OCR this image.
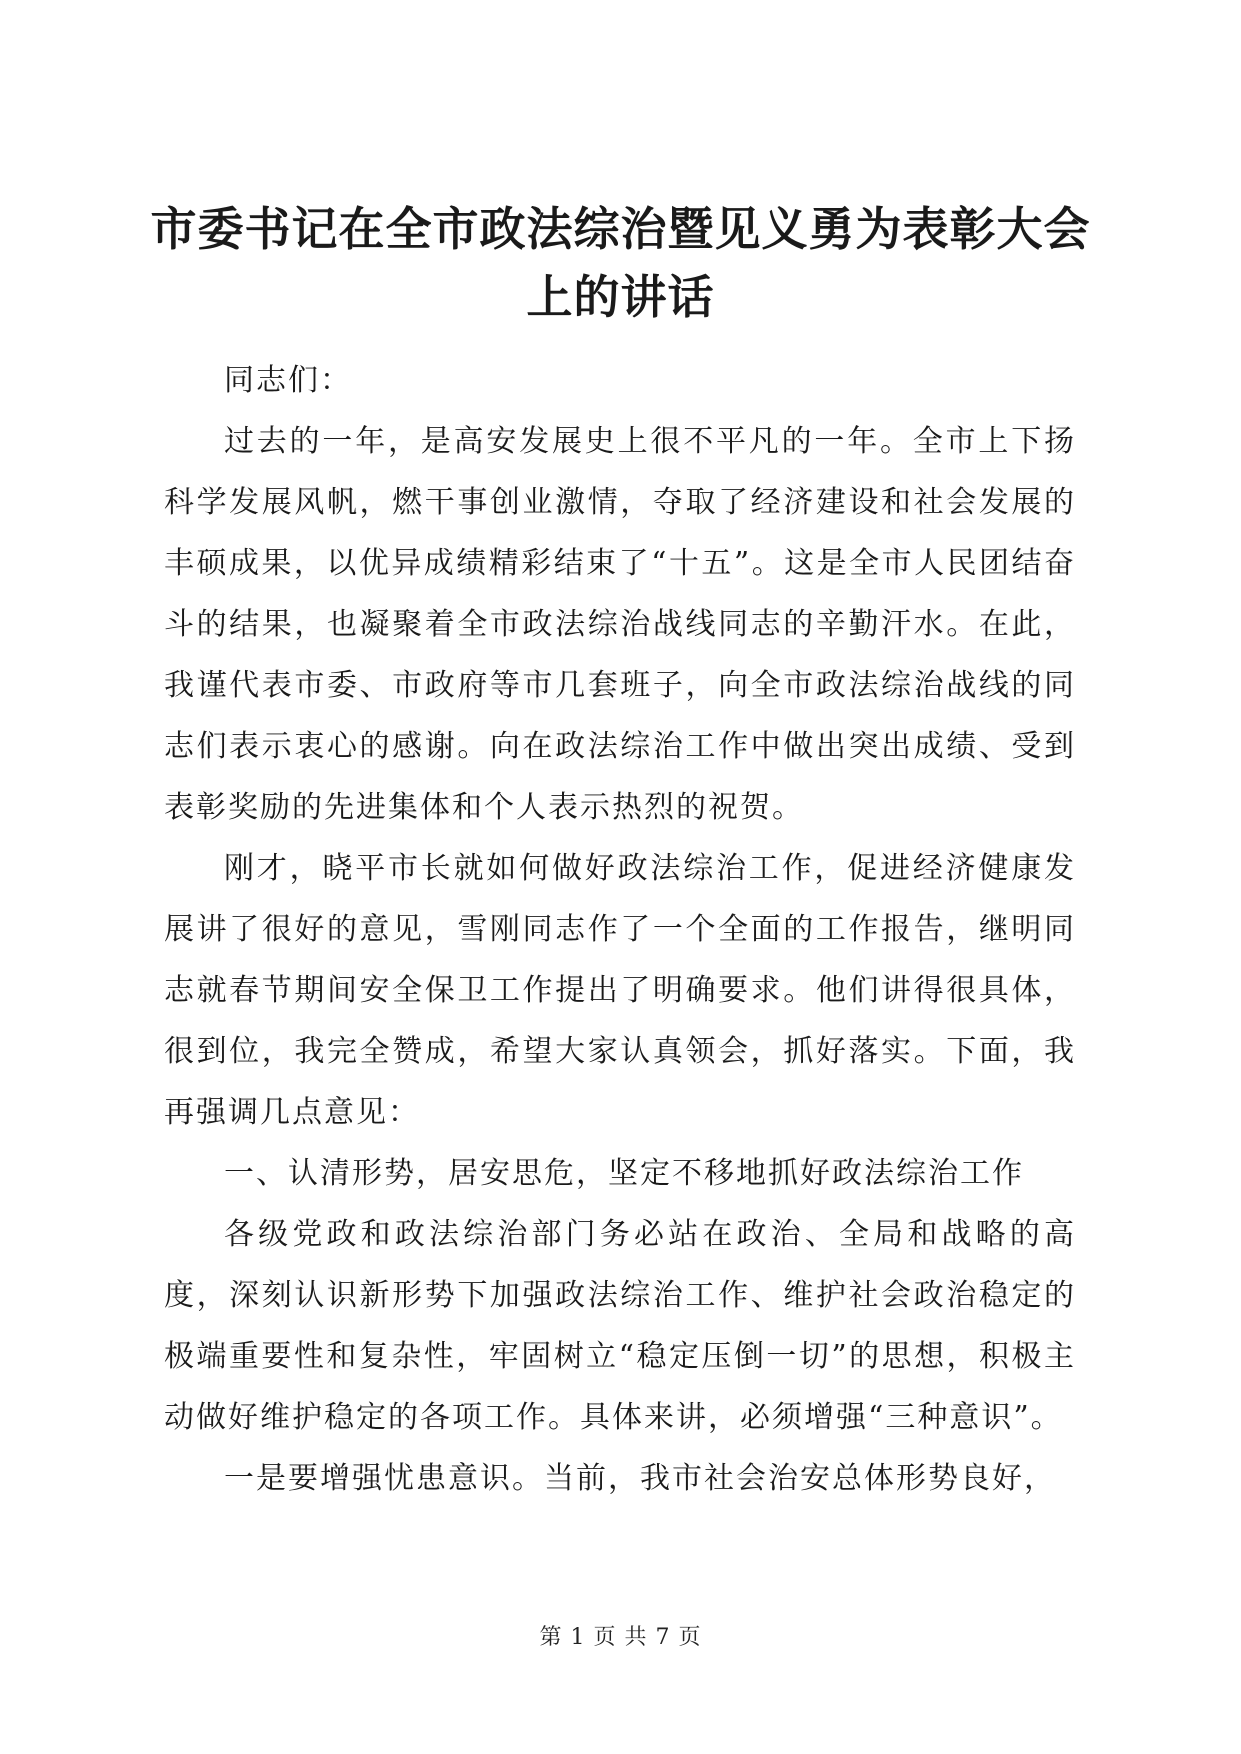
市委书记在全市政法综治暨见义勇为表彰大会
上的讲话

同志们：

过去的一年，是高安发展史上很不平凡的一年。全市上下扬科学发展风帆，燃干事创业激情，夺取了经济建设和社会发展的丰硕成果，以优异成绩精彩结束了“十五”。这是全市人民团结奋斗的结果，也凝聚着全市政法综治战线同志的辛勤汗水。在此，我谨代表市委、市政府等市几套班子，向全市政法综治战线的同志们表示衷心的感谢。向在政法综治工作中做出突出成绩、受到表彰奖励的先进集体和个人表示热烈的祝贺。

刚才，晓平市长就如何做好政法综治工作，促进经济健康发展讲了很好的意见，雪刚同志作了一个全面的工作报告，继明同志就春节期间安全保卫工作提出了明确要求。他们讲得很具体，很到位，我完全赞成，希望大家认真领会，抓好落实。下面，我再强调几点意见：

一、认清形势，居安思危，坚定不移地抓好政法综治工作

各级党政和政法综治部门务必站在政治、全局和战略的高度，深刻认识新形势下加强政法综治工作、维护社会政治稳定的极端重要性和复杂性，牢固树立“稳定压倒一切”的思想，积极主动做好维护稳定的各项工作。具体来讲，必须增强“三种意识”。

一是要增强忧患意识。当前，我市社会治安总体形势良好，

第 1 页 共 7 页
